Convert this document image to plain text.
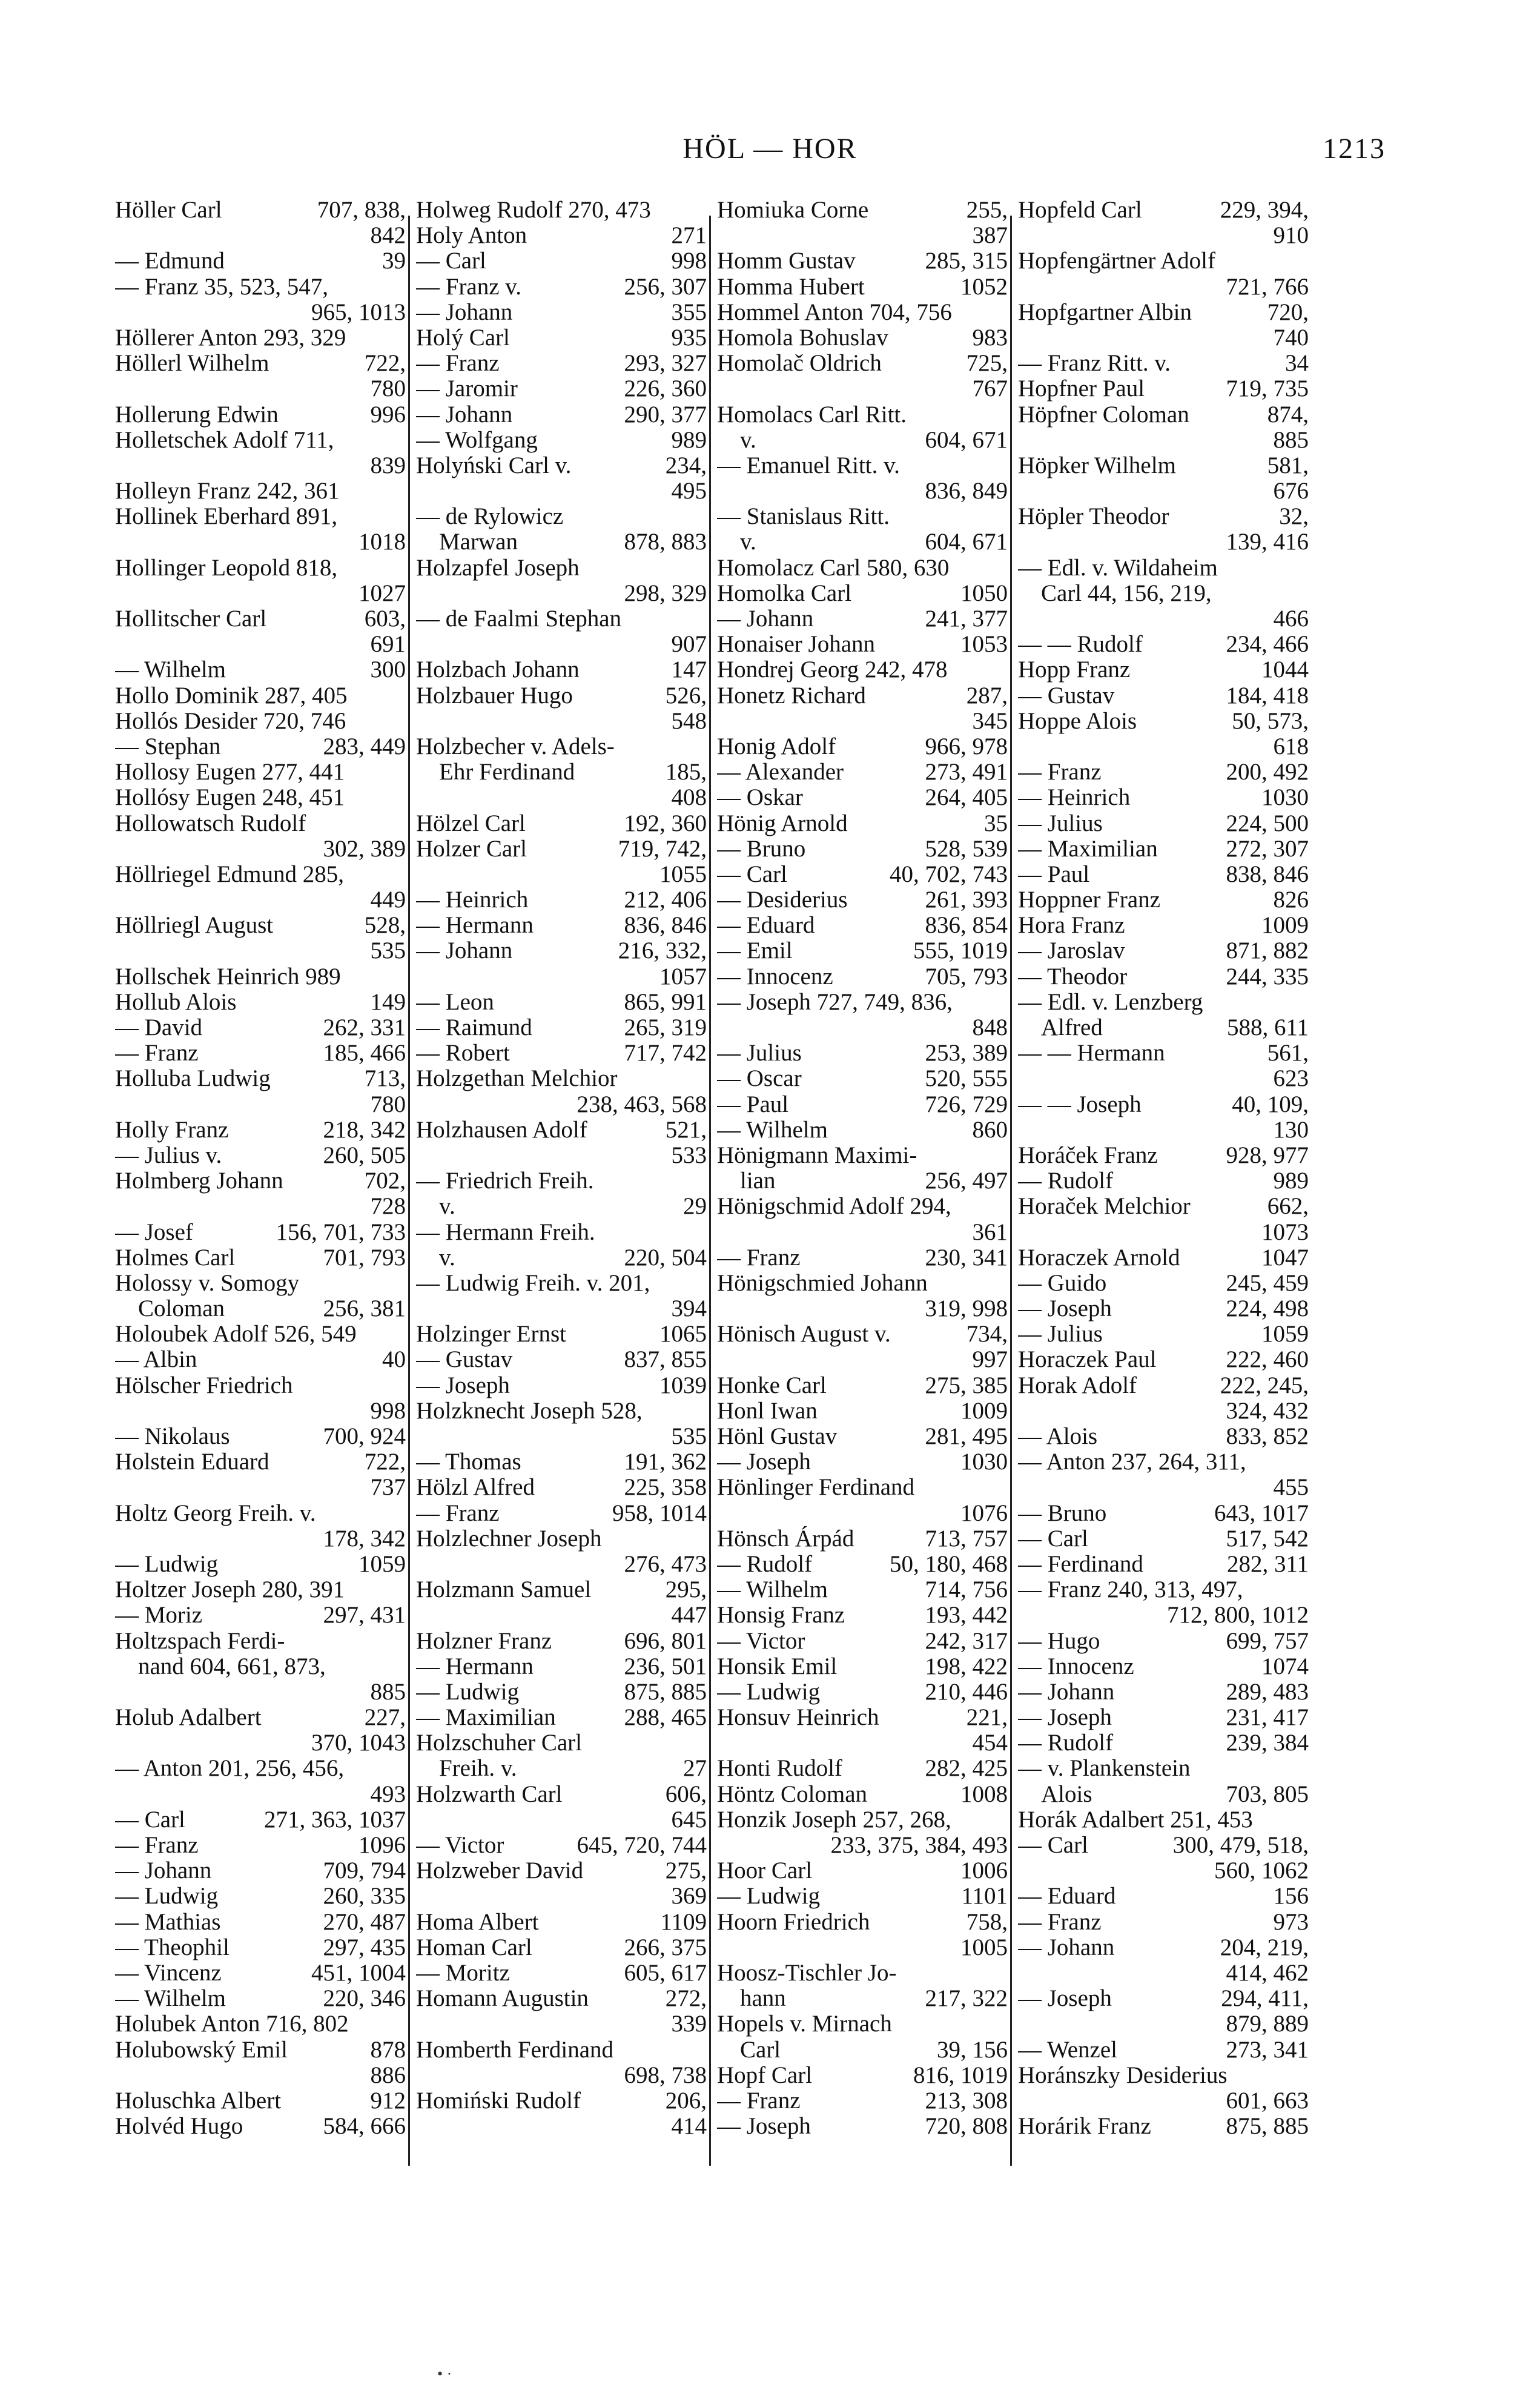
HÖL — HOR	1213
707, 838,
Höller Carl
842
39
— Edmund
— Franz 35, 523, 547,
965, 1013
Höllerer Anton 293, 329
722,
Höllerl Wilhelm
780
996
Hollerung Edwin
Holletschek Adolf 711,
839
Holleyn Franz 242, 361
Hollinek Eberhard 891,
1018
Hollinger Leopold 818,
1027
603,
Hollitscher Carl
691
300
— Wilhelm
Hollo Dominik 287, 405
Hollós Desider 720, 746
283, 449
— Stephan
Hollosy Eugen 277, 441
Hollósy Eugen 248, 451
Hollowatsch Rudolf
302, 389
Höllriegel Edmund 285,
449
528,
Höllriegl August
535
Hollschek Heinrich 989
149
Hollub Alois
262, 331
— David
185, 466
— Franz
713,
Holluba Ludwig
780
218, 342
Holly Franz
260, 505
— Julius v.
702,
Holmberg Johann
728
156, 701, 733
— Josef
701, 793
Holmes Carl
Holossy v. Somogy
256, 381
Coloman
Holoubek Adolf 526, 549
40
— Albin
Hölscher Friedrich
998
700, 924
— Nikolaus
722,
Holstein Eduard
737
Holtz Georg Freih. v.
178, 342
1059
— Ludwig
Holtzer Joseph 280, 391
297, 431
— Moriz
Holtzspach Ferdi-
nand 604, 661, 873,
885
227,
Holub Adalbert
370, 1043
— Anton 201, 256, 456,
493
271, 363, 1037
— Carl
1096
— Franz
709, 794
— Johann
260, 335
— Ludwig
270, 487
— Mathias
297, 435
— Theophil
451, 1004
— Vincenz
220, 346
— Wilhelm
Holubek Anton 716, 802
878
Holubowský Emil
886
912
Holuschka Albert
584, 666
Holvéd Hugo
Holweg Rudolf 270, 473
271
Holy Anton
998
— Carl
256, 307
— Franz v.
355
— Johann
935
Holý Carl
293, 327
— Franz
226, 360
— Jaromir
290, 377
— Johann
989
— Wolfgang
234,
Holyński Carl v.
495
— de Rylowicz
878, 883
Marwan
Holzapfel Joseph
298, 329
— de Faalmi Stephan
907
147
Holzbach Johann
526,
Holzbauer Hugo
548
Holzbecher v. Adels-
185,
Ehr Ferdinand
408
192, 360
Hölzel Carl
719, 742,
Holzer Carl
1055
212, 406
— Heinrich
836, 846
— Hermann
216, 332,
— Johann
1057
865, 991
— Leon
265, 319
— Raimund
717, 742
— Robert
Holzgethan Melchior
238, 463, 568
521,
Holzhausen Adolf
533
— Friedrich Freih.
29
v.
— Hermann Freih.
220, 504
v.
— Ludwig Freih. v. 201,
394
1065
Holzinger Ernst
837, 855
— Gustav
1039
— Joseph
Holzknecht Joseph 528,
535
191, 362
— Thomas
225, 358
Hölzl Alfred
958, 1014
— Franz
Holzlechner Joseph
276, 473
295,
Holzmann Samuel
447
696, 801
Holzner Franz
236, 501
— Hermann
875, 885
— Ludwig
288, 465
— Maximilian
Holzschuher Carl
27
Freih. v.
606,
Holzwarth Carl
645
645, 720, 744
— Victor
275,
Holzweber David
369
1109
Homa Albert
266, 375
Homan Carl
605, 617
— Moritz
272,
Homann Augustin
339
Homberth Ferdinand
698, 738
206,
Homiński Rudolf
414
255,
Homiuka Corne
387
285, 315
Homm Gustav
1052
Homma Hubert
Hommel Anton 704, 756
983
Homola Bohuslav
725,
Homolač Oldrich
767
Homolacs Carl Ritt.
604, 671
v.
— Emanuel Ritt. v.
836, 849
— Stanislaus Ritt.
604, 671
v.
Homolacz Carl 580, 630
1050
Homolka Carl
241, 377
— Johann
1053
Honaiser Johann
Hondrej Georg 242, 478
287,
Honetz Richard
345
966, 978
Honig Adolf
273, 491
— Alexander
264, 405
— Oskar
35
Hönig Arnold
528, 539
— Bruno
40, 702, 743
— Carl
261, 393
— Desiderius
836, 854
— Eduard
555, 1019
— Emil
705, 793
— Innocenz
— Joseph 727, 749, 836,
848
253, 389
— Julius
520, 555
— Oscar
726, 729
— Paul
860
— Wilhelm
Hönigmann Maximi-
256, 497
lian
Hönigschmid Adolf 294,
361
230, 341
— Franz
Hönigschmied Johann
319, 998
734,
Hönisch August v.
997
275, 385
Honke Carl
1009
Honl Iwan
281, 495
Hönl Gustav
1030
— Joseph
Hönlinger Ferdinand
1076
713, 757
Hönsch Árpád
50, 180, 468
— Rudolf
714, 756
— Wilhelm
193, 442
Honsig Franz
242, 317
— Victor
198, 422
Honsik Emil
210, 446
— Ludwig
221,
Honsuv Heinrich
454
282, 425
Honti Rudolf
1008
Höntz Coloman
Honzik Joseph 257, 268,
233, 375, 384, 493
1006
Hoor Carl
1101
— Ludwig
758,
Hoorn Friedrich
1005
Hoosz-Tischler Jo-
217, 322
hann
Hopels v. Mirnach
39, 156
Carl
816, 1019
Hopf Carl
213, 308
— Franz
720, 808
— Joseph
229, 394,
Hopfeld Carl
910
Hopfengärtner Adolf
721, 766
720,
Hopfgartner Albin
740
34
— Franz Ritt. v.
719, 735
Hopfner Paul
874,
Höpfner Coloman
885
581,
Höpker Wilhelm
676
32,
Höpler Theodor
139, 416
— Edl. v. Wildaheim
Carl 44, 156, 219,
466
234, 466
— — Rudolf
1044
Hopp Franz
184, 418
— Gustav
50, 573,
Hoppe Alois
618
200, 492
— Franz
1030
— Heinrich
224, 500
— Julius
272, 307
— Maximilian
838, 846
— Paul
826
Hoppner Franz
1009
Hora Franz
871, 882
— Jaroslav
244, 335
— Theodor
— Edl. v. Lenzberg
588, 611
Alfred
561,
— — Hermann
623
40, 109,
— — Joseph
130
928, 977
Horáček Franz
989
— Rudolf
662,
Horaček Melchior
1073
1047
Horaczek Arnold
245, 459
— Guido
224, 498
— Joseph
1059
— Julius
222, 460
Horaczek Paul
222, 245,
Horak Adolf
324, 432
833, 852
— Alois
— Anton 237, 264, 311,
455
643, 1017
— Bruno
517, 542
— Carl
282, 311
— Ferdinand
— Franz 240, 313, 497,
712, 800, 1012
699, 757
— Hugo
1074
— Innocenz
289, 483
— Johann
231, 417
— Joseph
239, 384
— Rudolf
— v. Plankenstein
703, 805
Alois
Horák Adalbert 251, 453
300, 479, 518,
— Carl
560, 1062
156
— Eduard
973
— Franz
204, 219,
— Johann
414, 462
294, 411,
— Joseph
879, 889
273, 341
— Wenzel
Horánszky Desiderius
601, 663
875, 885
Horárik Franz
• ·
